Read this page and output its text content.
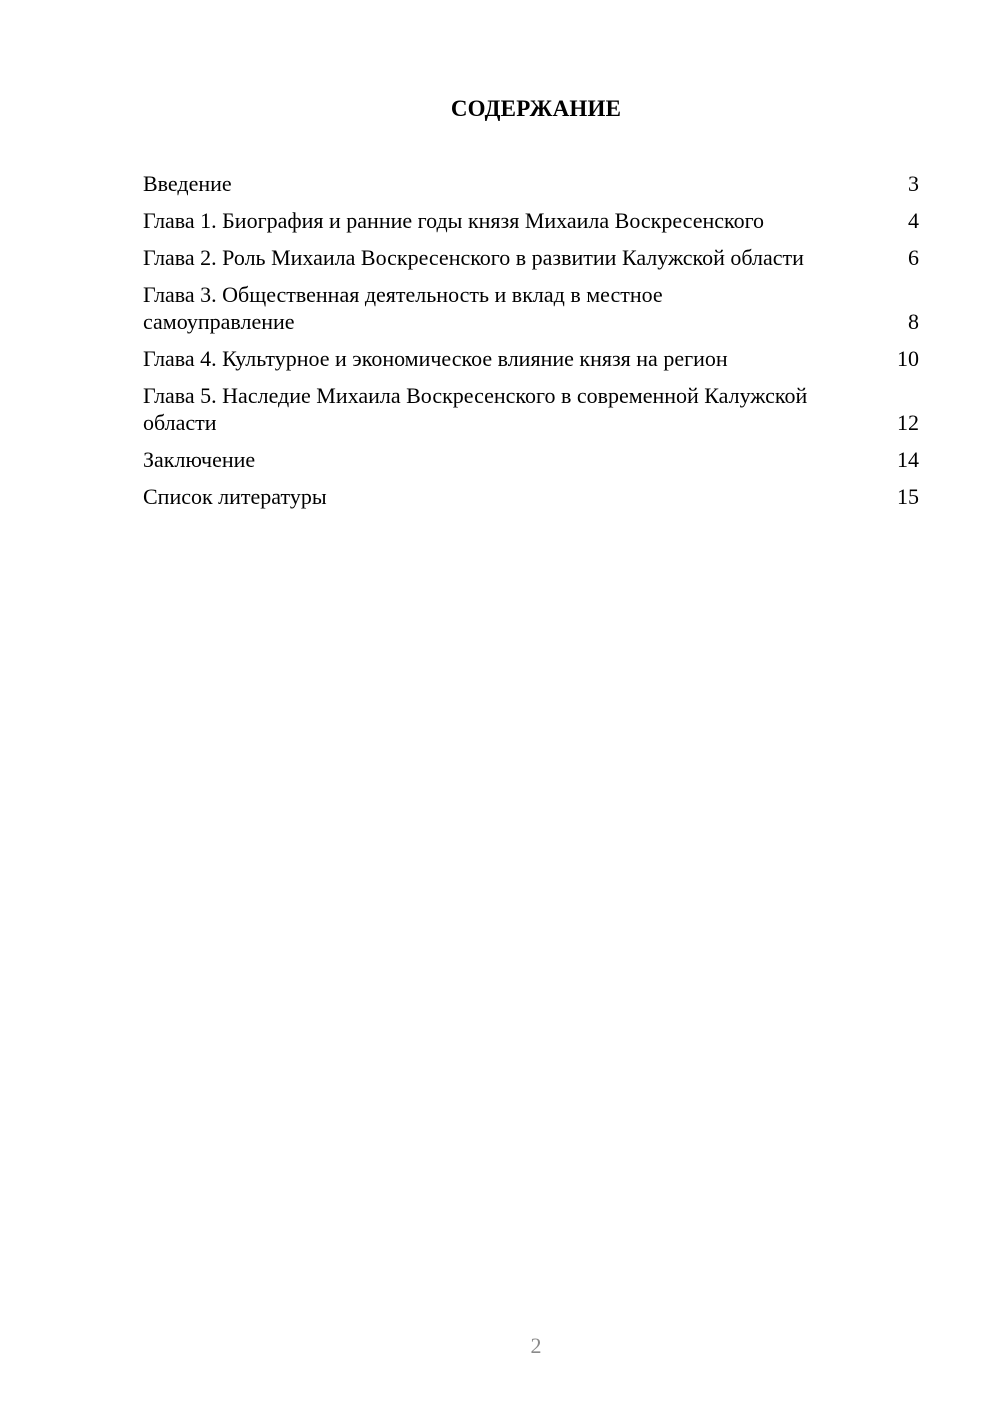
СОДЕРЖАНИЕ
Введение	3
Глава 1. Биография и ранние годы князя Михаила Воскресенского	4
Глава 2. Роль Михаила Воскресенского в развитии Калужской области	6
Глава 3. Общественная деятельность и вклад в местное самоуправление	8
Глава 4. Культурное и экономическое влияние князя на регион	10
Глава 5. Наследие Михаила Воскресенского в современной Калужской области	12
Заключение	14
Список литературы	15
2
